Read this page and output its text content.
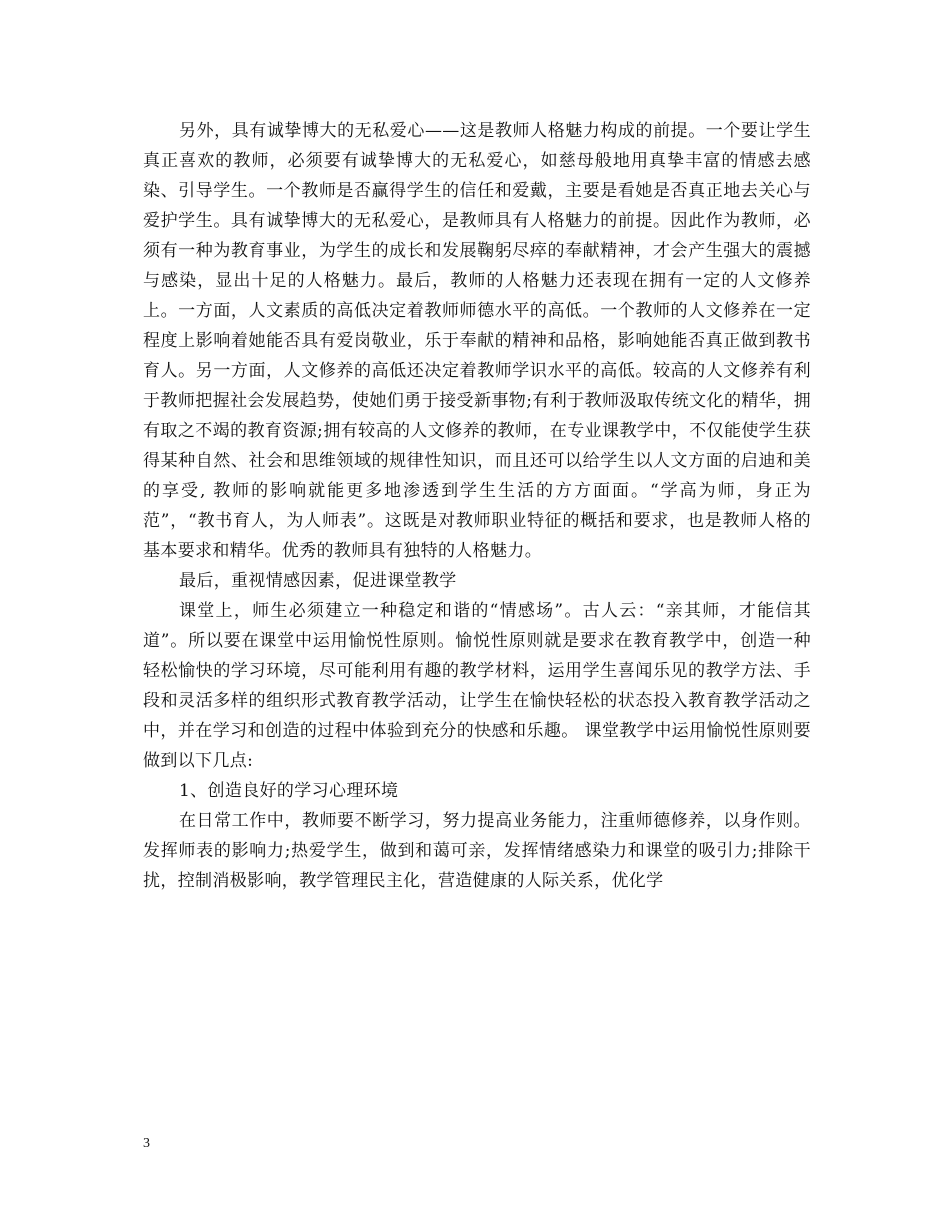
另外，具有诚挚博大的无私爱心——这是教师人格魅力构成的前提。一个要让学生真正喜欢的教师，必须要有诚挚博大的无私爱心，如慈母般地用真挚丰富的情感去感染、引导学生。一个教师是否赢得学生的信任和爱戴，主要是看她是否真正地去关心与爱护学生。具有诚挚博大的无私爱心，是教师具有人格魅力的前提。因此作为教师，必须有一种为教育事业，为学生的成长和发展鞠躬尽瘁的奉献精神，才会产生强大的震撼与感染，显出十足的人格魅力。最后，教师的人格魅力还表现在拥有一定的人文修养上。一方面，人文素质的高低决定着教师师德水平的高低。一个教师的人文修养在一定程度上影响着她能否具有爱岗敬业，乐于奉献的精神和品格，影响她能否真正做到教书育人。另一方面，人文修养的高低还决定着教师学识水平的高低。较高的人文修养有利于教师把握社会发展趋势，使她们勇于接受新事物;有利于教师汲取传统文化的精华，拥有取之不竭的教育资源;拥有较高的人文修养的教师，在专业课教学中，不仅能使学生获得某种自然、社会和思维领域的规律性知识，而且还可以给学生以人文方面的启迪和美的享受, 教师的影响就能更多地渗透到学生生活的方方面面。“学高为师，身正为范”，“教书育人，为人师表”。这既是对教师职业特征的概括和要求，也是教师人格的基本要求和精华。优秀的教师具有独特的人格魅力。

最后，重视情感因素，促进课堂教学

课堂上，师生必须建立一种稳定和谐的“情感场”。古人云：“亲其师，才能信其道”。所以要在课堂中运用愉悦性原则。愉悦性原则就是要求在教育教学中，创造一种轻松愉快的学习环境，尽可能利用有趣的教学材料，运用学生喜闻乐见的教学方法、手段和灵活多样的组织形式教育教学活动，让学生在愉快轻松的状态投入教育教学活动之中，并在学习和创造的过程中体验到充分的快感和乐趣。 课堂教学中运用愉悦性原则要做到以下几点:

1、创造良好的学习心理环境

在日常工作中，教师要不断学习，努力提高业务能力，注重师德修养，以身作则。发挥师表的影响力;热爱学生，做到和蔼可亲，发挥情绪感染力和课堂的吸引力;排除干扰，控制消极影响，教学管理民主化，营造健康的人际关系，优化学

3
